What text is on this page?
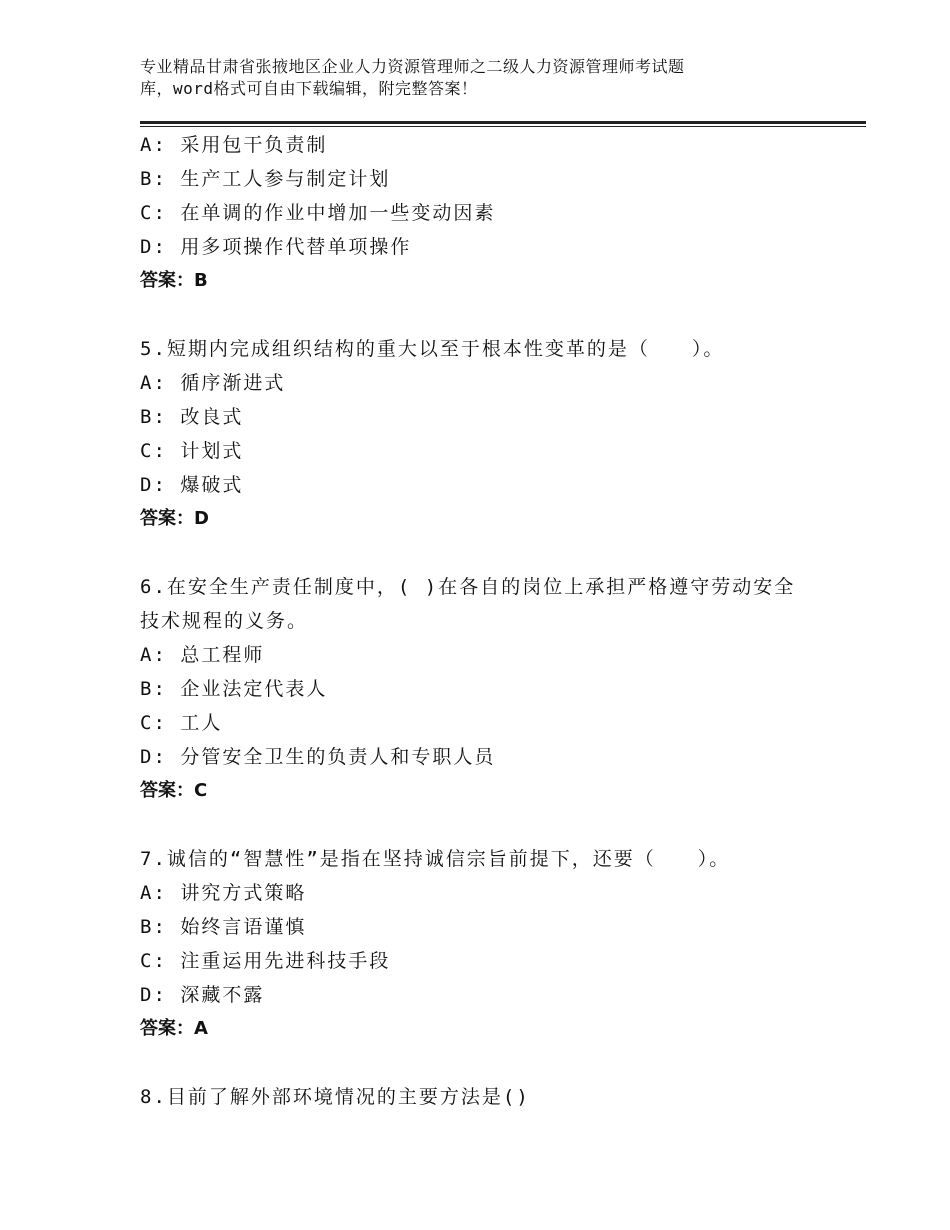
专业精品甘肃省张掖地区企业人力资源管理师之二级人力资源管理师考试题
库，word格式可自由下载编辑，附完整答案！
A: 采用包干负责制
B: 生产工人参与制定计划
C: 在单调的作业中增加一些变动因素
D: 用多项操作代替单项操作
答案：B
5.短期内完成组织结构的重大以至于根本性变革的是（　　）。
A: 循序渐进式
B: 改良式
C: 计划式
D: 爆破式
答案：D
6.在安全生产责任制度中，( )在各自的岗位上承担严格遵守劳动安全
技术规程的义务。
A: 总工程师
B: 企业法定代表人
C: 工人
D: 分管安全卫生的负责人和专职人员
答案：C
7.诚信的“智慧性”是指在坚持诚信宗旨前提下，还要（　　）。
A: 讲究方式策略
B: 始终言语谨慎
C: 注重运用先进科技手段
D: 深藏不露
答案：A
8.目前了解外部环境情况的主要方法是()
